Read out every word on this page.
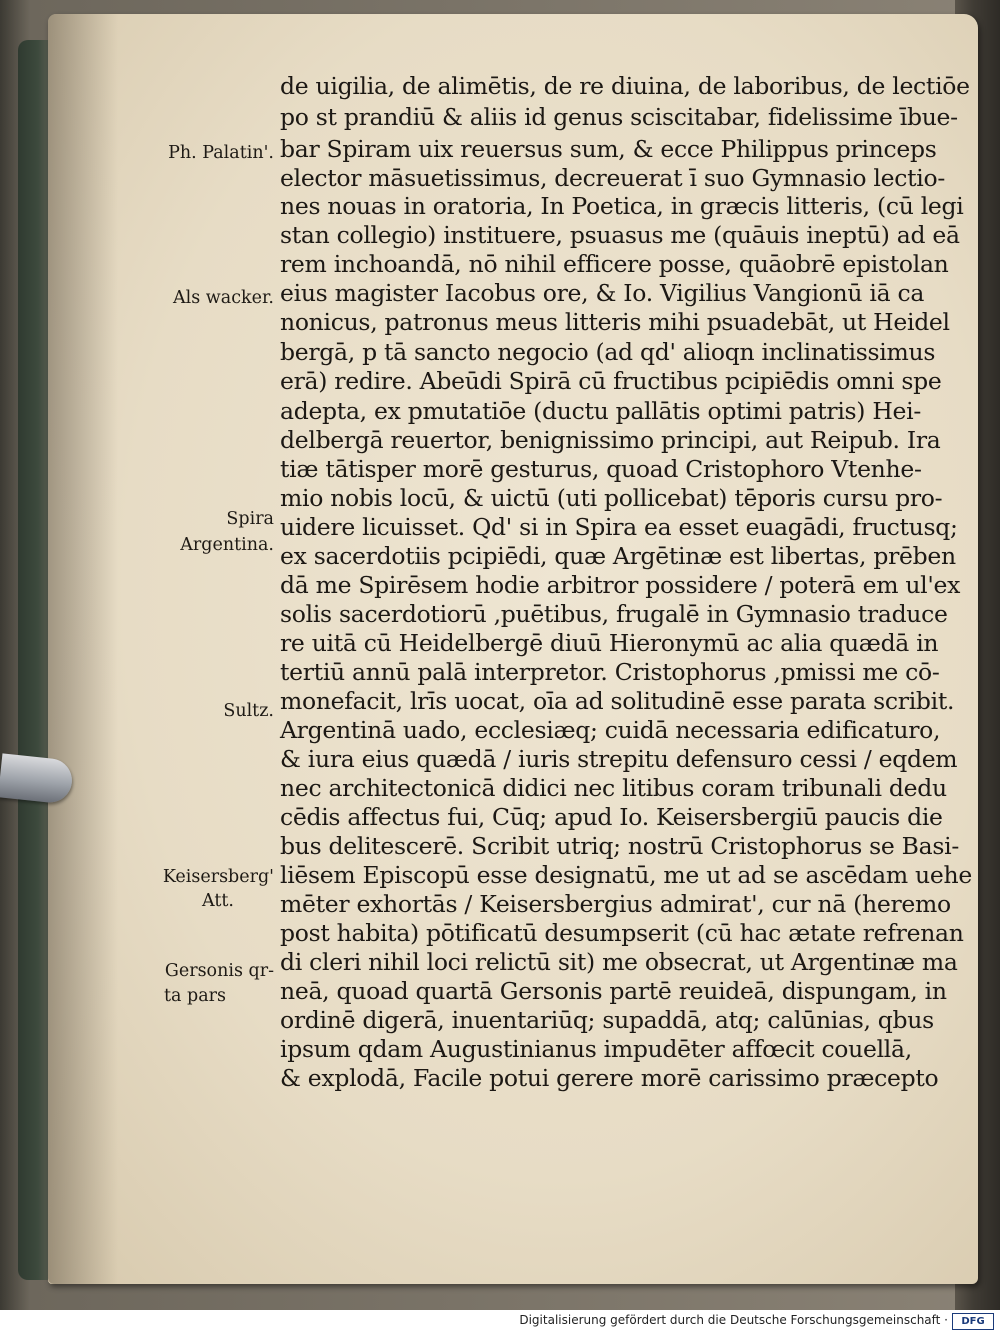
de uigilia, de alimētis, de re diuina, de laboribus, de lectiōe
po st prandiū & aliis id genus sciscitabar, fidelissime ībue-
bar Spiram uix reuersus sum, & ecce Philippus princeps
elector māsuetissimus, decreuerat ī suo Gymnasio lectio-
nes nouas in oratoria, In Poetica, in græcis litteris, (cū legi
stan collegio) instituere, psuasus me (quāuis ineptū) ad eā
rem inchoandā, nō nihil efficere posse, quāobrē epistolan
eius magister Iacobus ore, & Io. Vigilius Vangionū iā ca
nonicus, patronus meus litteris mihi psuadebāt, ut Heidel
bergā, p tā sancto negocio (ad qd' alioqn inclinatissimus
erā) redire. Abeūdi Spirā cū fructibus pcipiēdis omni spe
adepta, ex pmutatiōe (ductu pallātis optimi patris) Hei-
delbergā reuertor, benignissimo principi, aut Reipub. Ira
tiæ tātisper morē gesturus, quoad Cristophoro Vtenhe-
mio nobis locū, & uictū (uti pollicebat) tēporis cursu pro-
uidere licuisset. Qd' si in Spira ea esset euagādi, fructusq;
ex sacerdotiis pcipiēdi, quæ Argētinæ est libertas, prēben
dā me Spirēsem hodie arbitror possidere / poterā em ul'ex
solis sacerdotiorū ,puētibus, frugalē in Gymnasio traduce
re uitā cū Heidelbergē diuū Hieronymū ac alia quædā in
tertiū annū palā interpretor. Cristophorus ,pmissi me cō-
monefacit, lrīs uocat, oīa ad solitudinē esse parata scribit.
Argentinā uado, ecclesiæq; cuidā necessaria edificaturo,
& iura eius quædā / iuris strepitu defensuro cessi / eqdem
nec architectonicā didici nec litibus coram tribunali dedu
cēdis affectus fui, Cūq; apud Io. Keisersbergiū paucis die
bus delitescerē. Scribit utriq; nostrū Cristophorus se Basi-
liēsem Episcopū esse designatū, me ut ad se ascēdam uehe
mēter exhortās / Keisersbergius admirat', cur nā (heremo
post habita) pōtificatū desumpserit (cū hac ætate refrenan
di cleri nihil loci relictū sit) me obsecrat, ut Argentinæ ma
neā, quoad quartā Gersonis partē reuideā, dispungam, in
ordinē digerā, inuentariūq; supaddā, atq; calūnias, qbus
ipsum qdam Augustinianus impudēter affœcit couellā,
& explodā, Facile potui gerere morē carissimo præcepto
Ph. Palatin'.
Als wacker.
Spira
Argentina.
Sultz.
Keisersberg'
Att.
Gersonis qr-
ta pars
Digitalisierung gefördert durch die Deutsche Forschungsgemeinschaft ·	DFG
